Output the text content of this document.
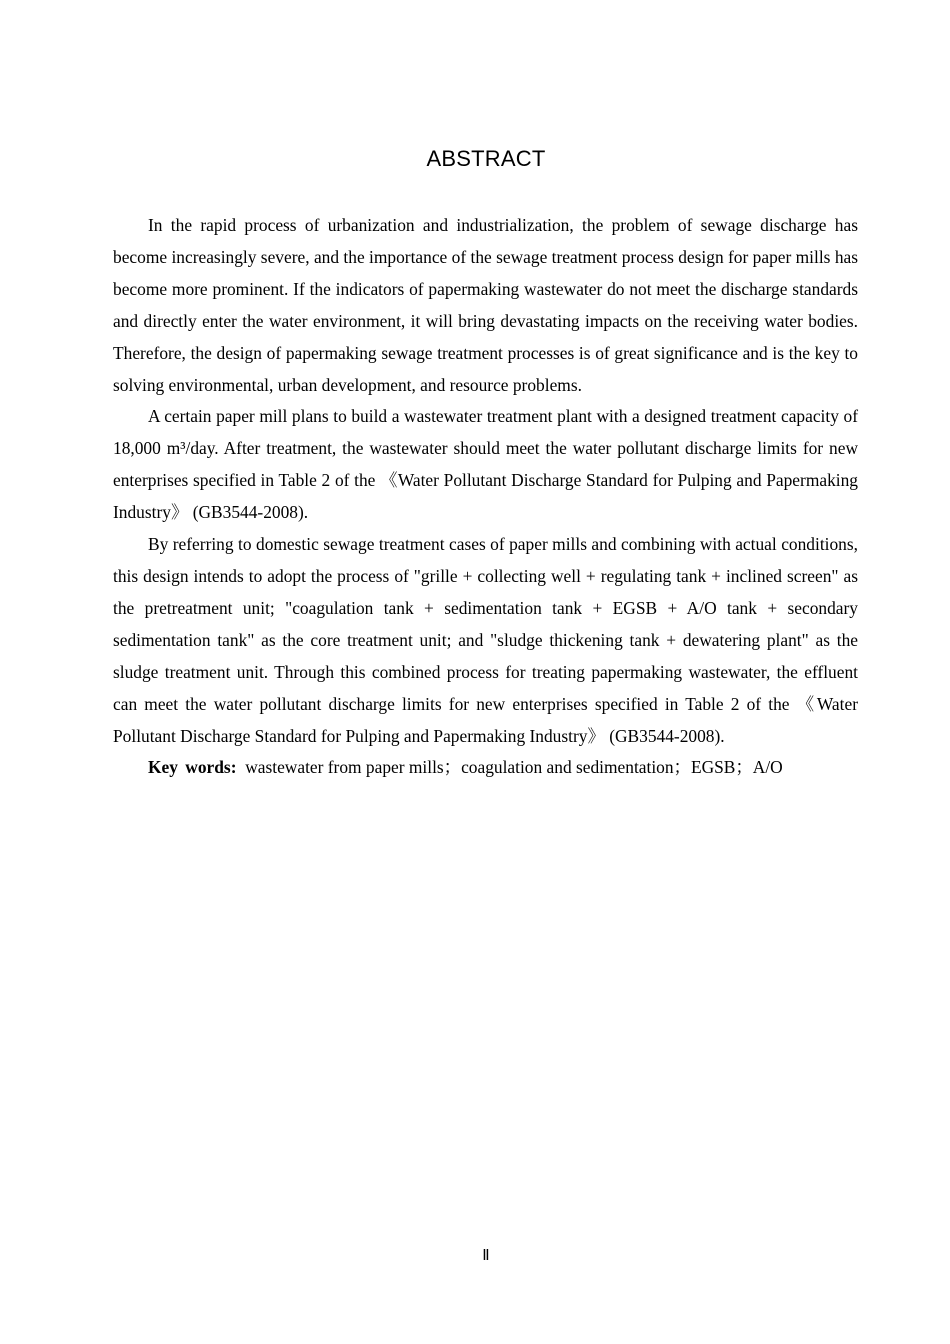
ABSTRACT

In the rapid process of urbanization and industrialization, the problem of sewage discharge has become increasingly severe, and the importance of the sewage treatment process design for paper mills has become more prominent. If the indicators of papermaking wastewater do not meet the discharge standards and directly enter the water environment, it will bring devastating impacts on the receiving water bodies. Therefore, the design of papermaking sewage treatment processes is of great significance and is the key to solving environmental, urban development, and resource problems.

A certain paper mill plans to build a wastewater treatment plant with a designed treatment capacity of 18,000 m³/day. After treatment, the wastewater should meet the water pollutant discharge limits for new enterprises specified in Table 2 of the 《Water Pollutant Discharge Standard for Pulping and Papermaking Industry》 (GB3544-2008).

By referring to domestic sewage treatment cases of paper mills and combining with actual conditions, this design intends to adopt the process of "grille + collecting well + regulating tank + inclined screen" as the pretreatment unit; "coagulation tank + sedimentation tank + EGSB + A/O tank + secondary sedimentation tank" as the core treatment unit; and "sludge thickening tank + dewatering plant" as the sludge treatment unit. Through this combined process for treating papermaking wastewater, the effluent can meet the water pollutant discharge limits for new enterprises specified in Table 2 of the 《Water Pollutant Discharge Standard for Pulping and Papermaking Industry》 (GB3544-2008).

Key words: wastewater from paper mills；coagulation and sedimentation；EGSB；A/O

Ⅱ
